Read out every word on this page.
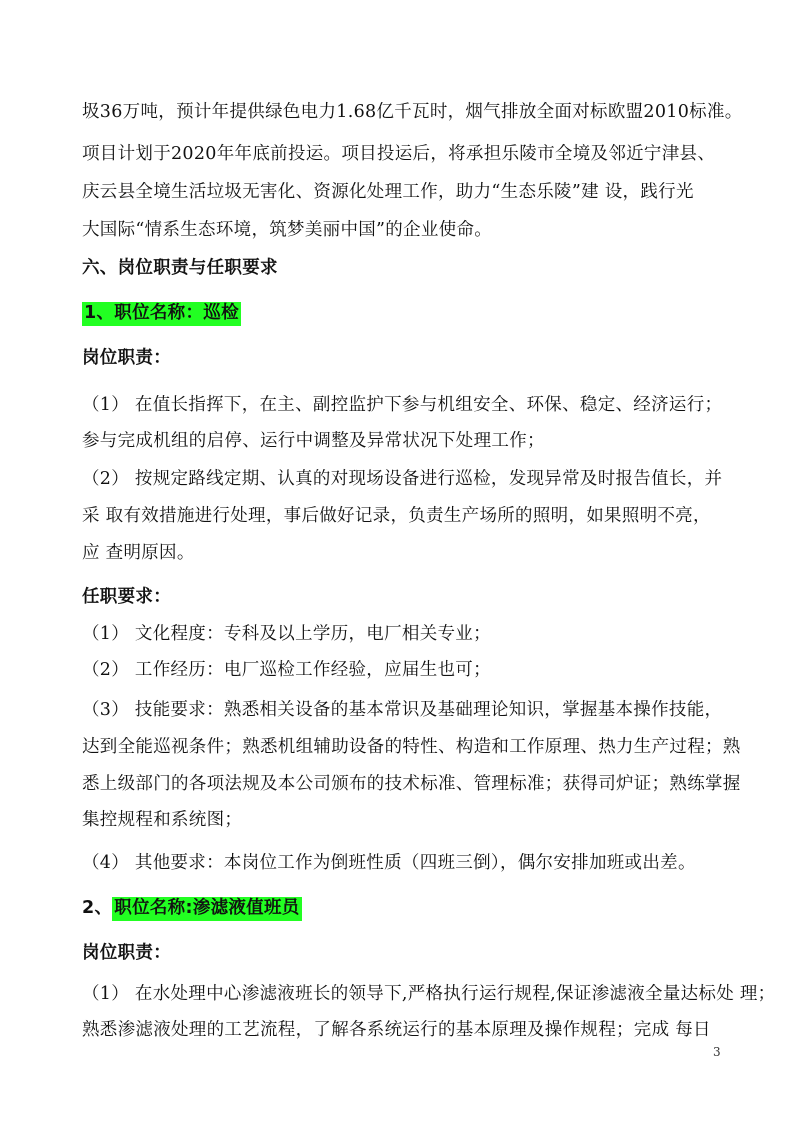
圾36万吨，预计年提供绿色电力1.68亿千瓦时，烟气排放全面对标欧盟2010标准。
项目计划于2020年年底前投运。项目投运后，将承担乐陵市全境及邻近宁津县、
庆云县全境生活垃圾无害化、资源化处理工作，助力“生态乐陵”建 设，践行光
大国际“情系生态环境，筑梦美丽中国”的企业使命。
六、岗位职责与任职要求
1、职位名称：巡检
岗位职责：
（1） 在值长指挥下，在主、副控监护下参与机组安全、环保、稳定、经济运行；
参与完成机组的启停、运行中调整及异常状况下处理工作；
（2） 按规定路线定期、认真的对现场设备进行巡检，发现异常及时报告值长，并
采 取有效措施进行处理，事后做好记录，负责生产场所的照明，如果照明不亮，
应 查明原因。
任职要求：
（1） 文化程度：专科及以上学历，电厂相关专业；
（2） 工作经历：电厂巡检工作经验，应届生也可；
（3） 技能要求：熟悉相关设备的基本常识及基础理论知识，掌握基本操作技能，
达到全能巡视条件；熟悉机组辅助设备的特性、构造和工作原理、热力生产过程；熟
悉上级部门的各项法规及本公司颁布的技术标准、管理标准；获得司炉证；熟练掌握
集控规程和系统图；
（4） 其他要求：本岗位工作为倒班性质（四班三倒），偶尔安排加班或出差。
2、 职位名称:渗滤液值班员
岗位职责：
（1） 在水处理中心渗滤液班长的领导下,严格执行运行规程,保证渗滤液全量达标处 理；
熟悉渗滤液处理的工艺流程，了解各系统运行的基本原理及操作规程；完成 每日
3
